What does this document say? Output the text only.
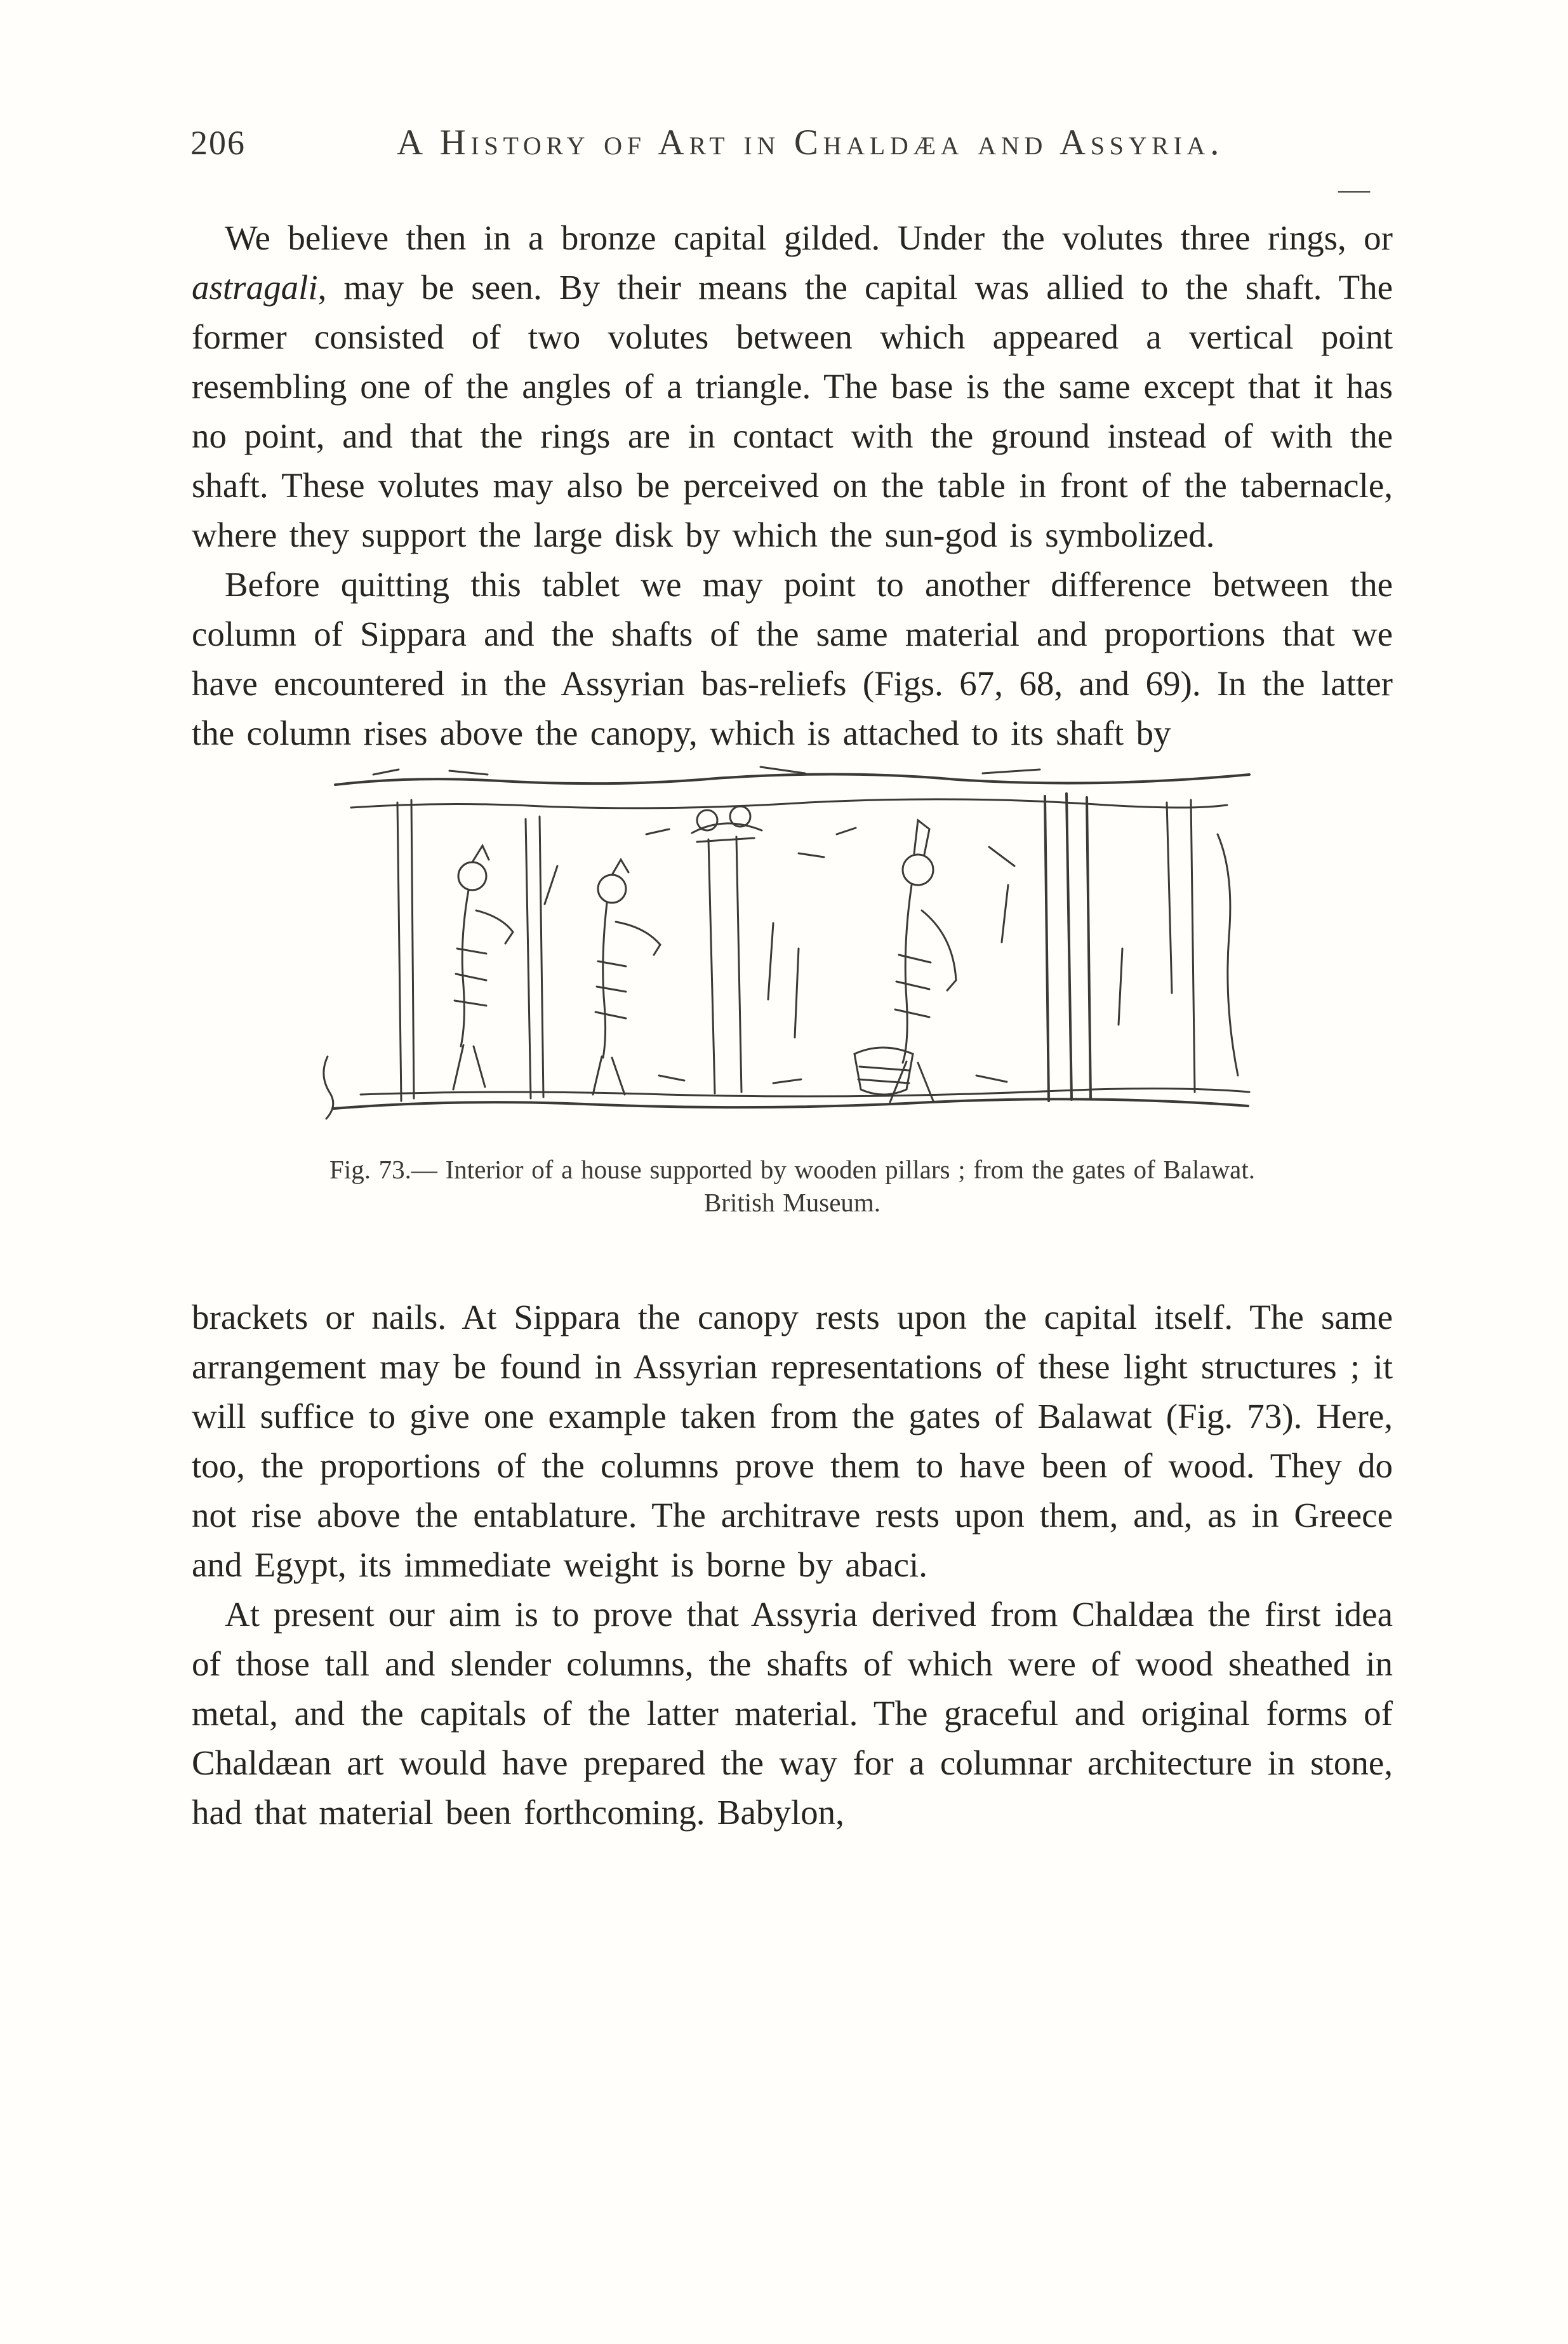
206	A History of Art in Chaldæa and Assyria.
—

We believe then in a bronze capital gilded. Under the volutes three rings, or astragali, may be seen. By their means the capital was allied to the shaft. The former consisted of two volutes between which appeared a vertical point resembling one of the angles of a triangle. The base is the same except that it has no point, and that the rings are in contact with the ground instead of with the shaft. These volutes may also be perceived on the table in front of the tabernacle, where they support the large disk by which the sun-god is symbolized.

Before quitting this tablet we may point to another difference between the column of Sippara and the shafts of the same material and proportions that we have encountered in the Assyrian bas-reliefs (Figs. 67, 68, and 69). In the latter the column rises above the canopy, which is attached to its shaft by

Fig. 73.— Interior of a house supported by wooden pillars ; from the gates of Balawat.
British Museum.

brackets or nails. At Sippara the canopy rests upon the capital itself. The same arrangement may be found in Assyrian representations of these light structures ; it will suffice to give one example taken from the gates of Balawat (Fig. 73). Here, too, the proportions of the columns prove them to have been of wood. They do not rise above the entablature. The architrave rests upon them, and, as in Greece and Egypt, its immediate weight is borne by abaci.

At present our aim is to prove that Assyria derived from Chaldæa the first idea of those tall and slender columns, the shafts of which were of wood sheathed in metal, and the capitals of the latter material. The graceful and original forms of Chaldæan art would have prepared the way for a columnar architecture in stone, had that material been forthcoming. Babylon,
